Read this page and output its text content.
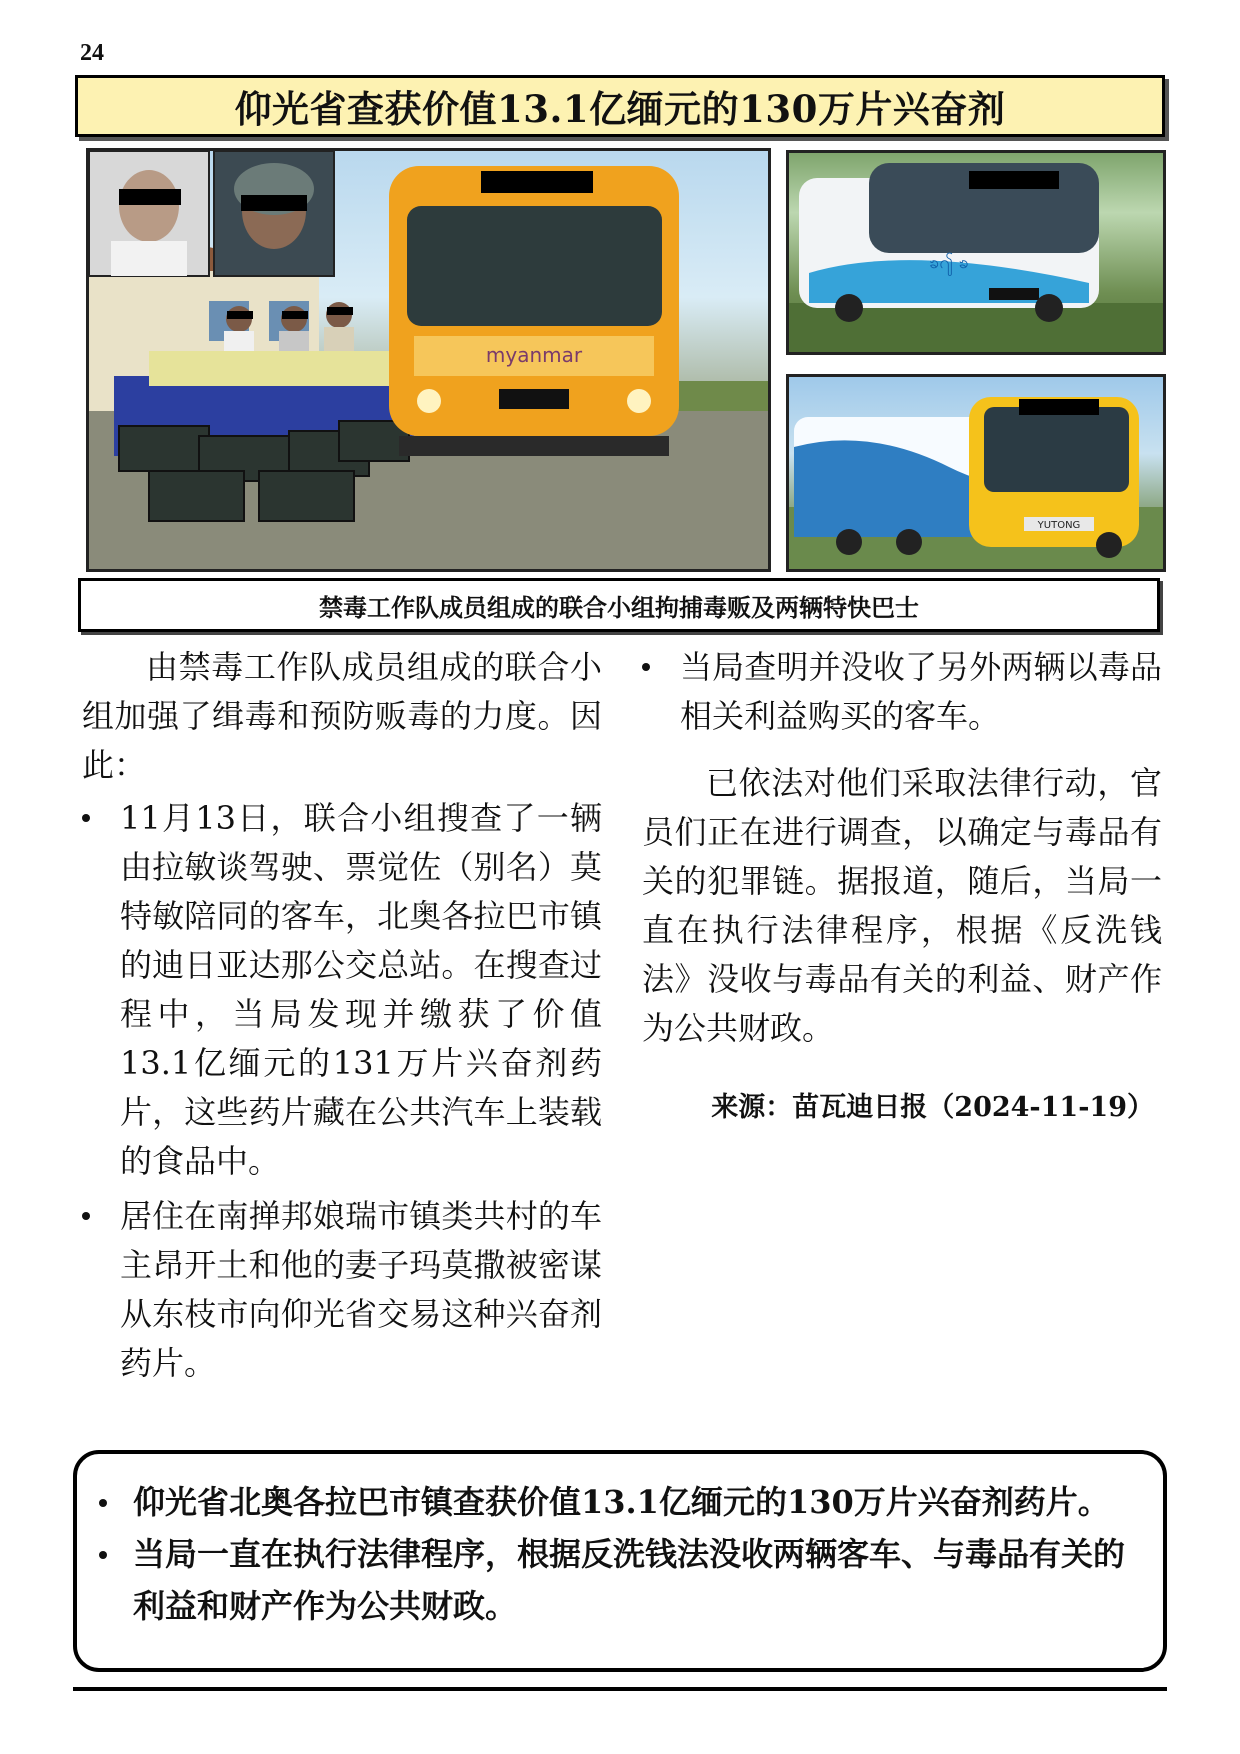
24
仰光省查获价值13.1亿缅元的130万片兴奋剂
myanmar
ၶ႟ ၶ
YUTONG
禁毒工作队成员组成的联合小组拘捕毒贩及两辆特快巴士

由禁毒工作队成员组成的联合小组加强了缉毒和预防贩毒的力度。因此：

11月13日，联合小组搜查了一辆由拉敏谈驾驶、票觉佐（别名）莫特敏陪同的客车，北奥各拉巴市镇的迪日亚达那公交总站。在搜查过程中，当局发现并缴获了价值13.1亿缅元的131万片兴奋剂药片，这些药片藏在公共汽车上装载的食品中。
居住在南掸邦娘瑞市镇类共村的车主昂开土和他的妻子玛莫撒被密谋从东枝市向仰光省交易这种兴奋剂药片。
当局查明并没收了另外两辆以毒品相关利益购买的客车。

已依法对他们采取法律行动，官员们正在进行调查，以确定与毒品有关的犯罪链。据报道，随后，当局一直在执行法律程序，根据《反洗钱法》没收与毒品有关的利益、财产作为公共财政。

来源：苗瓦迪日报（2024-11-19）

仰光省北奥各拉巴市镇查获价值13.1亿缅元的130万片兴奋剂药片。
当局一直在执行法律程序，根据反洗钱法没收两辆客车、与毒品有关的利益和财产作为公共财政。
